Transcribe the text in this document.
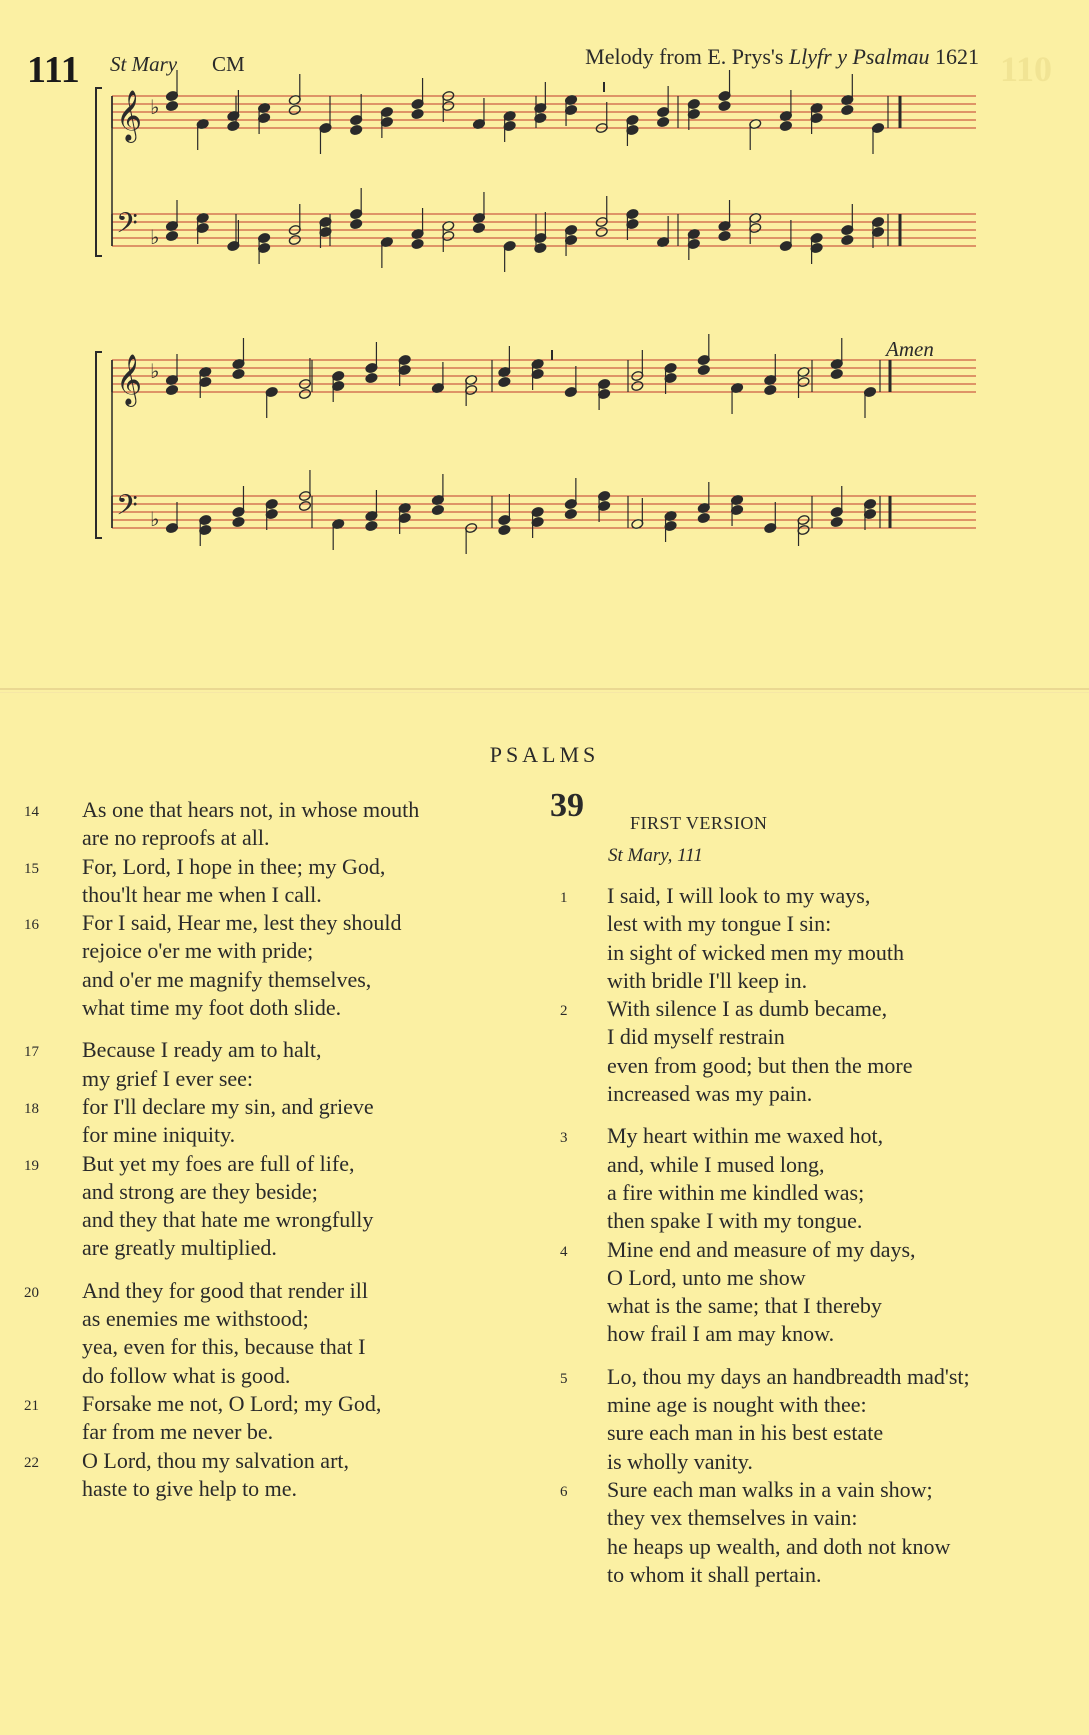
110
111 St Mary CM	Melody from E. Prys's Llyfr y Psalmau 1621
𝄞 ♭
𝄢 ♭
𝄞 ♭
𝄢 ♭
Amen
PSALMS
14	As one that hears not, in whose mouth
are no reproofs at all.
15	For, Lord, I hope in thee; my God,
thou'lt hear me when I call.
16	For I said, Hear me, lest they should
rejoice o'er me with pride;
and o'er me magnify themselves,
what time my foot doth slide.
17	Because I ready am to halt,
my grief I ever see:
18	for I'll declare my sin, and grieve
for mine iniquity.
19	But yet my foes are full of life,
and strong are they beside;
and they that hate me wrongfully
are greatly multiplied.
20	And they for good that render ill
as enemies me withstood;
yea, even for this, because that I
do follow what is good.
21	Forsake me not, O Lord; my God,
far from me never be.
22	O Lord, thou my salvation art,
haste to give help to me.
39	FIRST VERSION
St Mary, 111
1	I said, I will look to my ways,
lest with my tongue I sin:
in sight of wicked men my mouth
with bridle I'll keep in.
2	With silence I as dumb became,
I did myself restrain
even from good; but then the more
increased was my pain.
3	My heart within me waxed hot,
and, while I mused long,
a fire within me kindled was;
then spake I with my tongue.
4	Mine end and measure of my days,
O Lord, unto me show
what is the same; that I thereby
how frail I am may know.
5	Lo, thou my days an handbreadth mad'st;
mine age is nought with thee:
sure each man in his best estate
is wholly vanity.
6	Sure each man walks in a vain show;
they vex themselves in vain:
he heaps up wealth, and doth not know
to whom it shall pertain.
